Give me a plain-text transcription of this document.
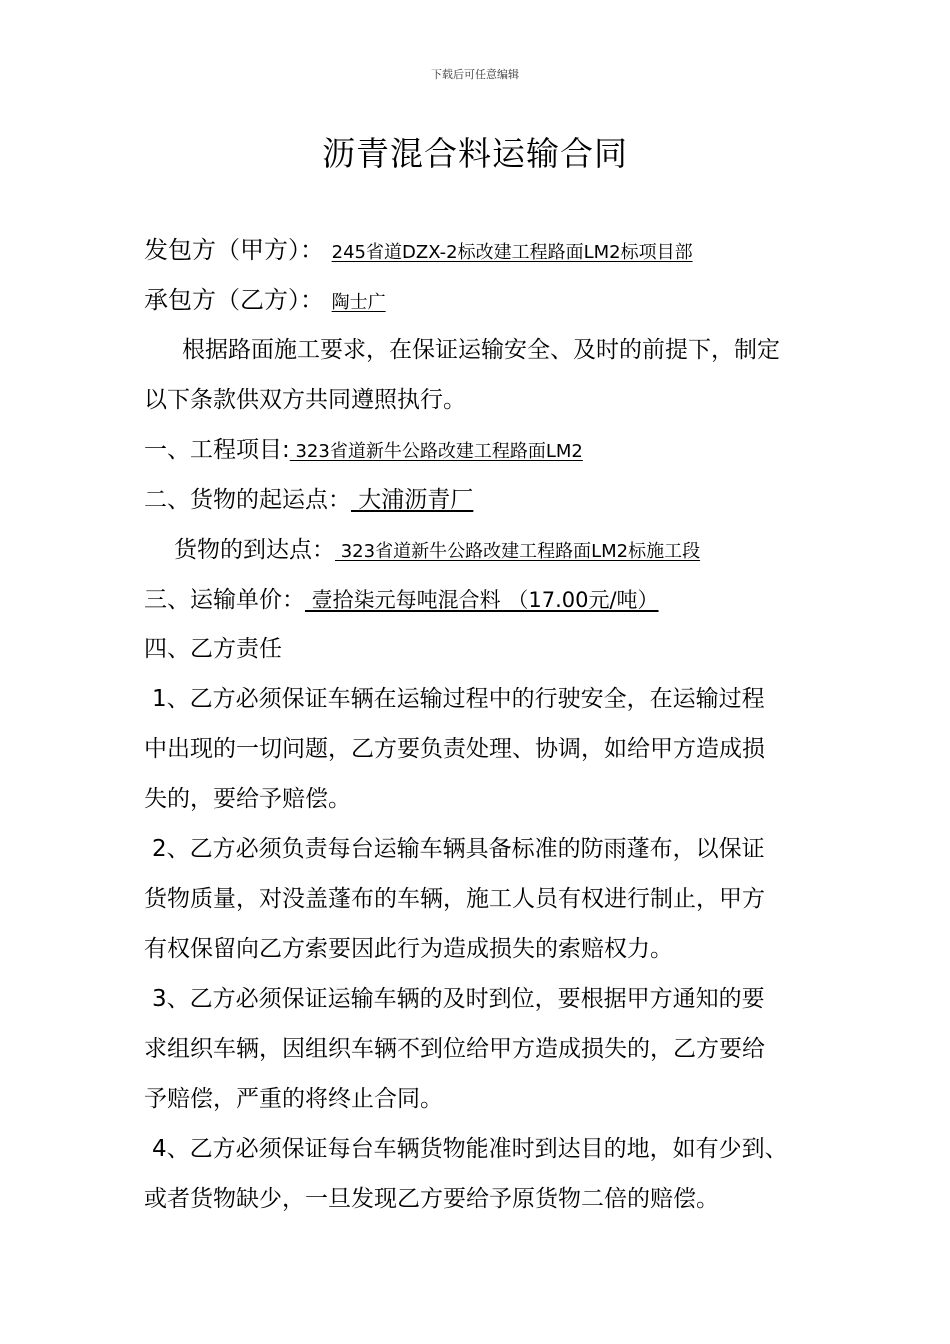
下载后可任意编辑
沥青混合料运输合同
发包方（甲方）： 245省道DZX-2标改建工程路面LM2标项目部
承包方（乙方）： 陶士广
根据路面施工要求，在保证运输安全、及时的前提下，制定
以下条款供双方共同遵照执行。
一、工程项目: 323省道新牛公路改建工程路面LM2
二、货物的起运点： 大浦沥青厂
货物的到达点： 323省道新牛公路改建工程路面LM2标施工段
三、运输单价： 壹拾柒元每吨混合料 （17.00元/吨）
四、乙方责任
1、乙方必须保证车辆在运输过程中的行驶安全，在运输过程
中出现的一切问题，乙方要负责处理、协调，如给甲方造成损
失的，要给予赔偿。
2、乙方必须负责每台运输车辆具备标准的防雨蓬布，以保证
货物质量，对没盖蓬布的车辆，施工人员有权进行制止，甲方
有权保留向乙方索要因此行为造成损失的索赔权力。
3、乙方必须保证运输车辆的及时到位，要根据甲方通知的要
求组织车辆，因组织车辆不到位给甲方造成损失的，乙方要给
予赔偿，严重的将终止合同。
4、乙方必须保证每台车辆货物能准时到达目的地，如有少到、
或者货物缺少，一旦发现乙方要给予原货物二倍的赔偿。
